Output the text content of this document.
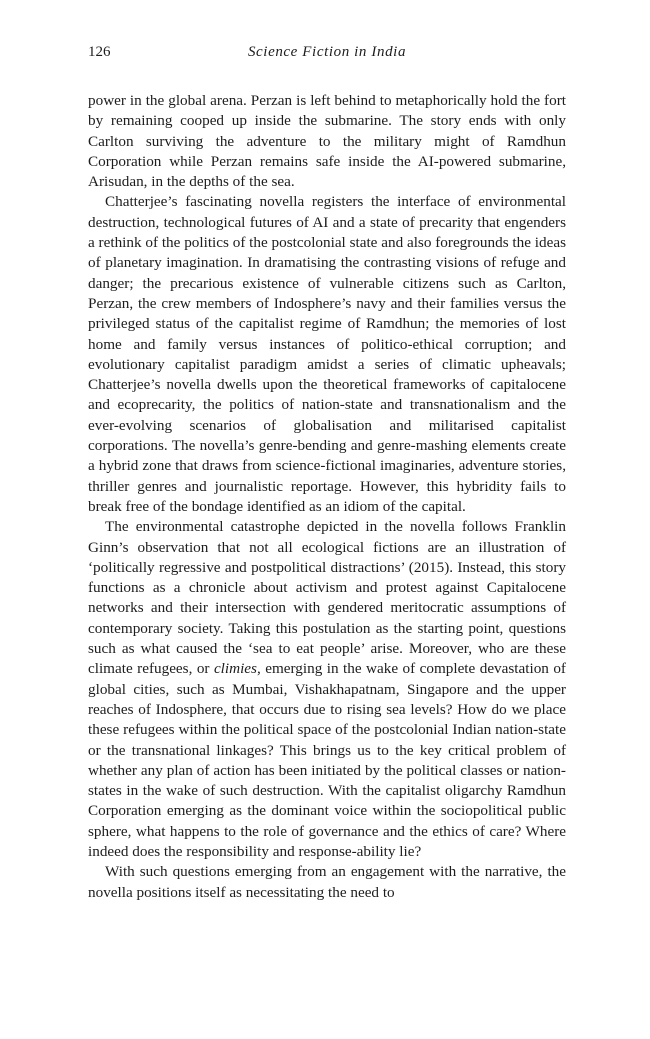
126	Science Fiction in India

power in the global arena. Perzan is left behind to metaphorically hold the fort by remaining cooped up inside the submarine. The story ends with only Carlton surviving the adventure to the military might of Ramdhun Corporation while Perzan remains safe inside the AI-powered submarine, Arisudan, in the depths of the sea.

Chatterjee’s fascinating novella registers the interface of environmental destruction, technological futures of AI and a state of precarity that engenders a rethink of the politics of the postcolonial state and also foregrounds the ideas of planetary imagination. In dramatising the contrasting visions of refuge and danger; the precarious existence of vulnerable citizens such as Carlton, Perzan, the crew members of Indosphere’s navy and their families versus the privileged status of the capitalist regime of Ramdhun; the memories of lost home and family versus instances of politico-ethical corruption; and evolutionary capitalist paradigm amidst a series of climatic upheavals; Chatterjee’s novella dwells upon the theoretical frameworks of capitalocene and ecoprecarity, the politics of nation-state and transnationalism and the ever-evolving scenarios of globalisation and militarised capitalist corporations. The novella’s genre-bending and genre-mashing elements create a hybrid zone that draws from science-fictional imaginaries, adventure stories, thriller genres and journalistic reportage. However, this hybridity fails to break free of the bondage identified as an idiom of the capital.

The environmental catastrophe depicted in the novella follows Franklin Ginn’s observation that not all ecological fictions are an illustration of ‘politically regressive and postpolitical distractions’ (2015). Instead, this story functions as a chronicle about activism and protest against Capitalocene networks and their intersection with gendered meritocratic assumptions of contemporary society. Taking this postulation as the starting point, questions such as what caused the ‘sea to eat people’ arise. Moreover, who are these climate refugees, or climies, emerging in the wake of complete devastation of global cities, such as Mumbai, Vishakhapatnam, Singapore and the upper reaches of Indosphere, that occurs due to rising sea levels? How do we place these refugees within the political space of the postcolonial Indian nation-state or the transnational linkages? This brings us to the key critical problem of whether any plan of action has been initiated by the political classes or nation-states in the wake of such destruction. With the capitalist oligarchy Ramdhun Corporation emerging as the dominant voice within the sociopolitical public sphere, what happens to the role of governance and the ethics of care? Where indeed does the responsibility and response-ability lie?

With such questions emerging from an engagement with the narrative, the novella positions itself as necessitating the need to
